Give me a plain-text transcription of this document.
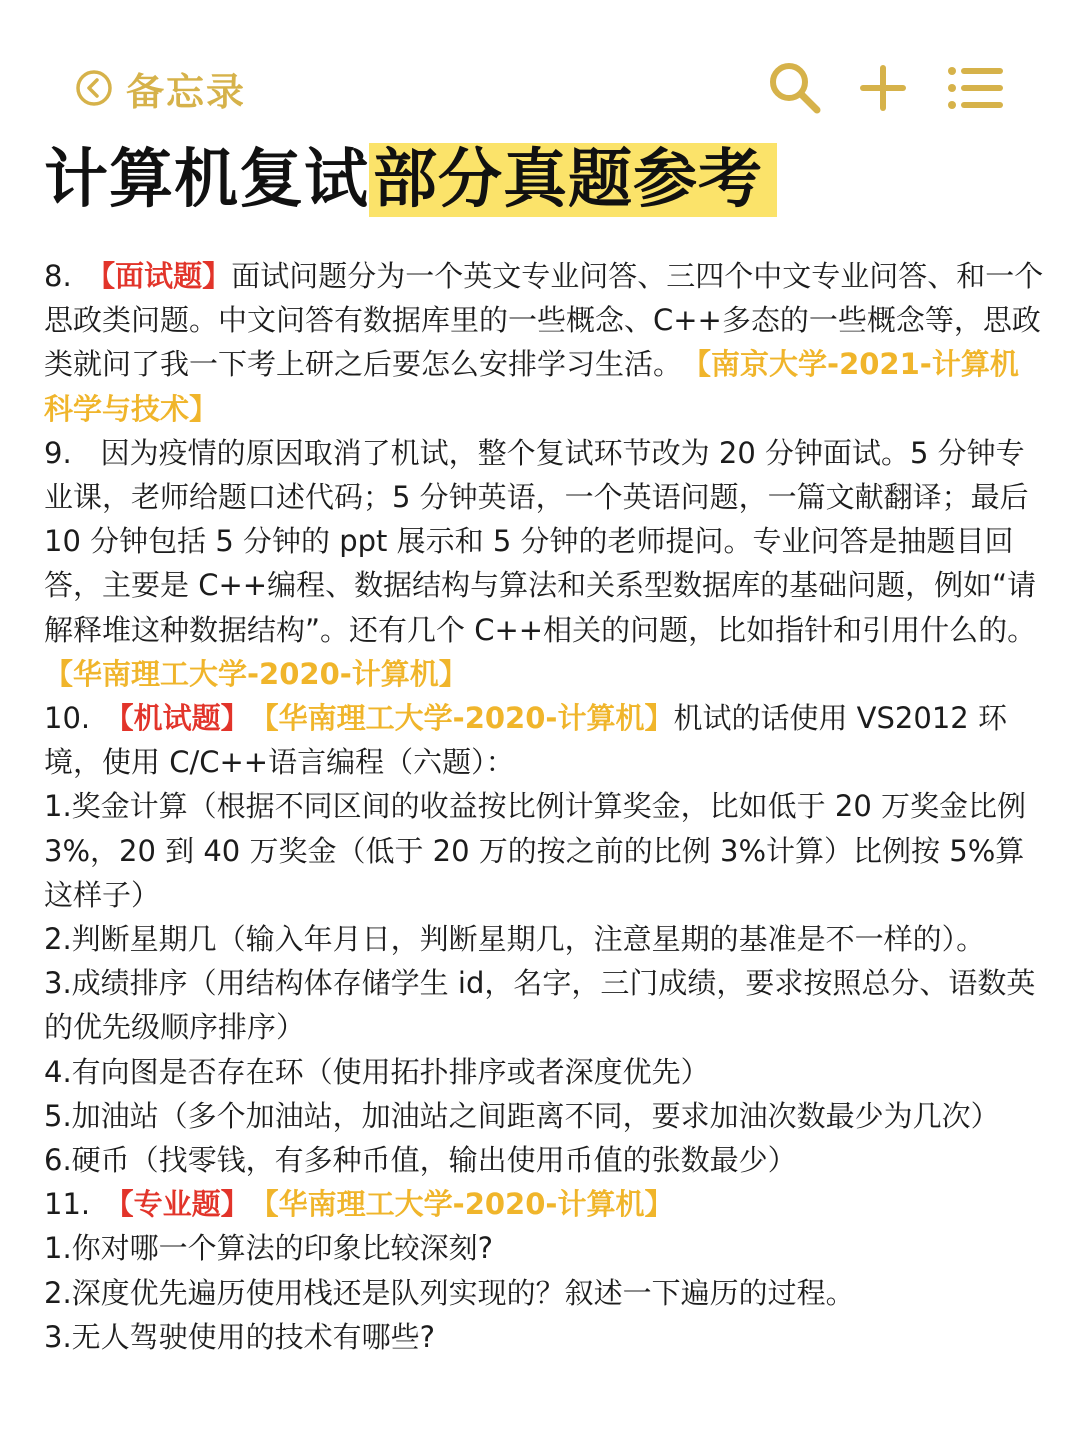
备忘录
计算机复试部分真题参考

8.　【面试题】面试问题分为一个英文专业问答、三四个中文专业问答、和一个思政类问题。中文问答有数据库里的一些概念、C++多态的一些概念等，思政类就问了我一下考上研之后要怎么安排学习生活。　 【南京大学-2021-计算机科学与技术】

9.　因为疫情的原因取消了机试，整个复试环节改为 20 分钟面试。5 分钟专业课，老师给题口述代码；5 分钟英语，一个英语问题，一篇文献翻译；最后 10 分钟包括 5 分钟的 ppt 展示和 5 分钟的老师提问。专业问答是抽题目回答，主要是 C++编程、数据结构与算法和关系型数据库的基础问题，例如“请解释堆这种数据结构”。还有几个 C++相关的问题，比如指针和引用什么的。　【华南理工大学-2020-计算机】

10.　【机试题】　 【华南理工大学-2020-计算机】机试的话使用 VS2012 环境，使用 C/C++语言编程（六题）：

1.奖金计算（根据不同区间的收益按比例计算奖金，比如低于 20 万奖金比例 3%，20 到 40 万奖金（低于 20 万的按之前的比例 3%计算）比例按 5%算这样子）

2.判断星期几（输入年月日，判断星期几，注意星期的基准是不一样的）。

3.成绩排序（用结构体存储学生 id，名字，三门成绩，要求按照总分、语数英的优先级顺序排序）

4.有向图是否存在环（使用拓扑排序或者深度优先）

5.加油站（多个加油站，加油站之间距离不同，要求加油次数最少为几次）

6.硬币（找零钱，有多种币值，输出使用币值的张数最少）

11.　【专业题】　 【华南理工大学-2020-计算机】

1.你对哪一个算法的印象比较深刻?

2.深度优先遍历使用栈还是队列实现的？叙述一下遍历的过程。

3.无人驾驶使用的技术有哪些?
